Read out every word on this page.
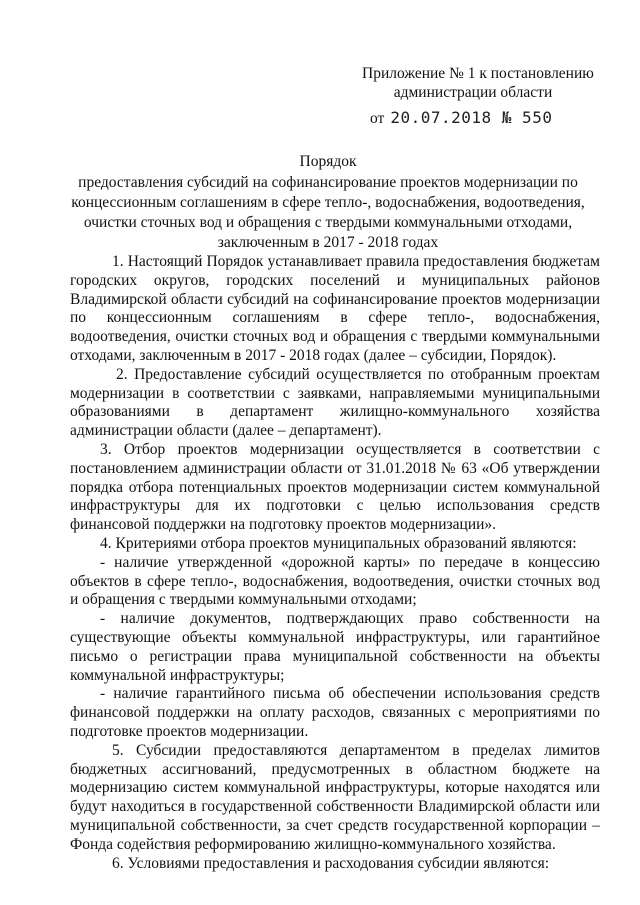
Приложение № 1 к постановлению
администрации области
от 20.07.2018 № 550
Порядок
предоставления субсидий на софинансирование проектов модернизации по концессионным соглашениям в сфере тепло-, водоснабжения, водоотведения, очистки сточных вод и обращения с твердыми коммунальными отходами, заключенным в 2017 - 2018 годах

1. Настоящий Порядок устанавливает правила предоставления бюджетам городских округов, городских поселений и муниципальных районов Владимирской области субсидий на софинансирование проектов модернизации по концессионным соглашениям в сфере тепло-, водоснабжения, водоотведения, очистки сточных вод и обращения с твердыми коммунальными отходами, заключенным в 2017 - 2018 годах (далее – субсидии, Порядок).

2. Предоставление субсидий осуществляется по отобранным проектам модернизации в соответствии с заявками, направляемыми муниципальными образованиями в департамент жилищно-коммунального хозяйства администрации области (далее – департамент).

3. Отбор проектов модернизации осуществляется в соответствии с постановлением администрации области от 31.01.2018 № 63 «Об утверждении порядка отбора потенциальных проектов модернизации систем коммунальной инфраструктуры для их подготовки с целью использования средств финансовой поддержки на подготовку проектов модернизации».

4. Критериями отбора проектов муниципальных образований являются:

- наличие утвержденной «дорожной карты» по передаче в концессию объектов в сфере тепло-, водоснабжения, водоотведения, очистки сточных вод и обращения с твердыми коммунальными отходами;

- наличие документов, подтверждающих право собственности на существующие объекты коммунальной инфраструктуры, или гарантийное письмо о регистрации права муниципальной собственности на объекты коммунальной инфраструктуры;

- наличие гарантийного письма об обеспечении использования средств финансовой поддержки на оплату расходов, связанных с мероприятиями по подготовке проектов модернизации.

5. Субсидии предоставляются департаментом в пределах лимитов бюджетных ассигнований, предусмотренных в областном бюджете на модернизацию систем коммунальной инфраструктуры, которые находятся или будут находиться в государственной собственности Владимирской области или муниципальной собственности, за счет средств государственной корпорации – Фонда содействия реформированию жилищно-коммунального хозяйства.

6. Условиями предоставления и расходования субсидии являются:
